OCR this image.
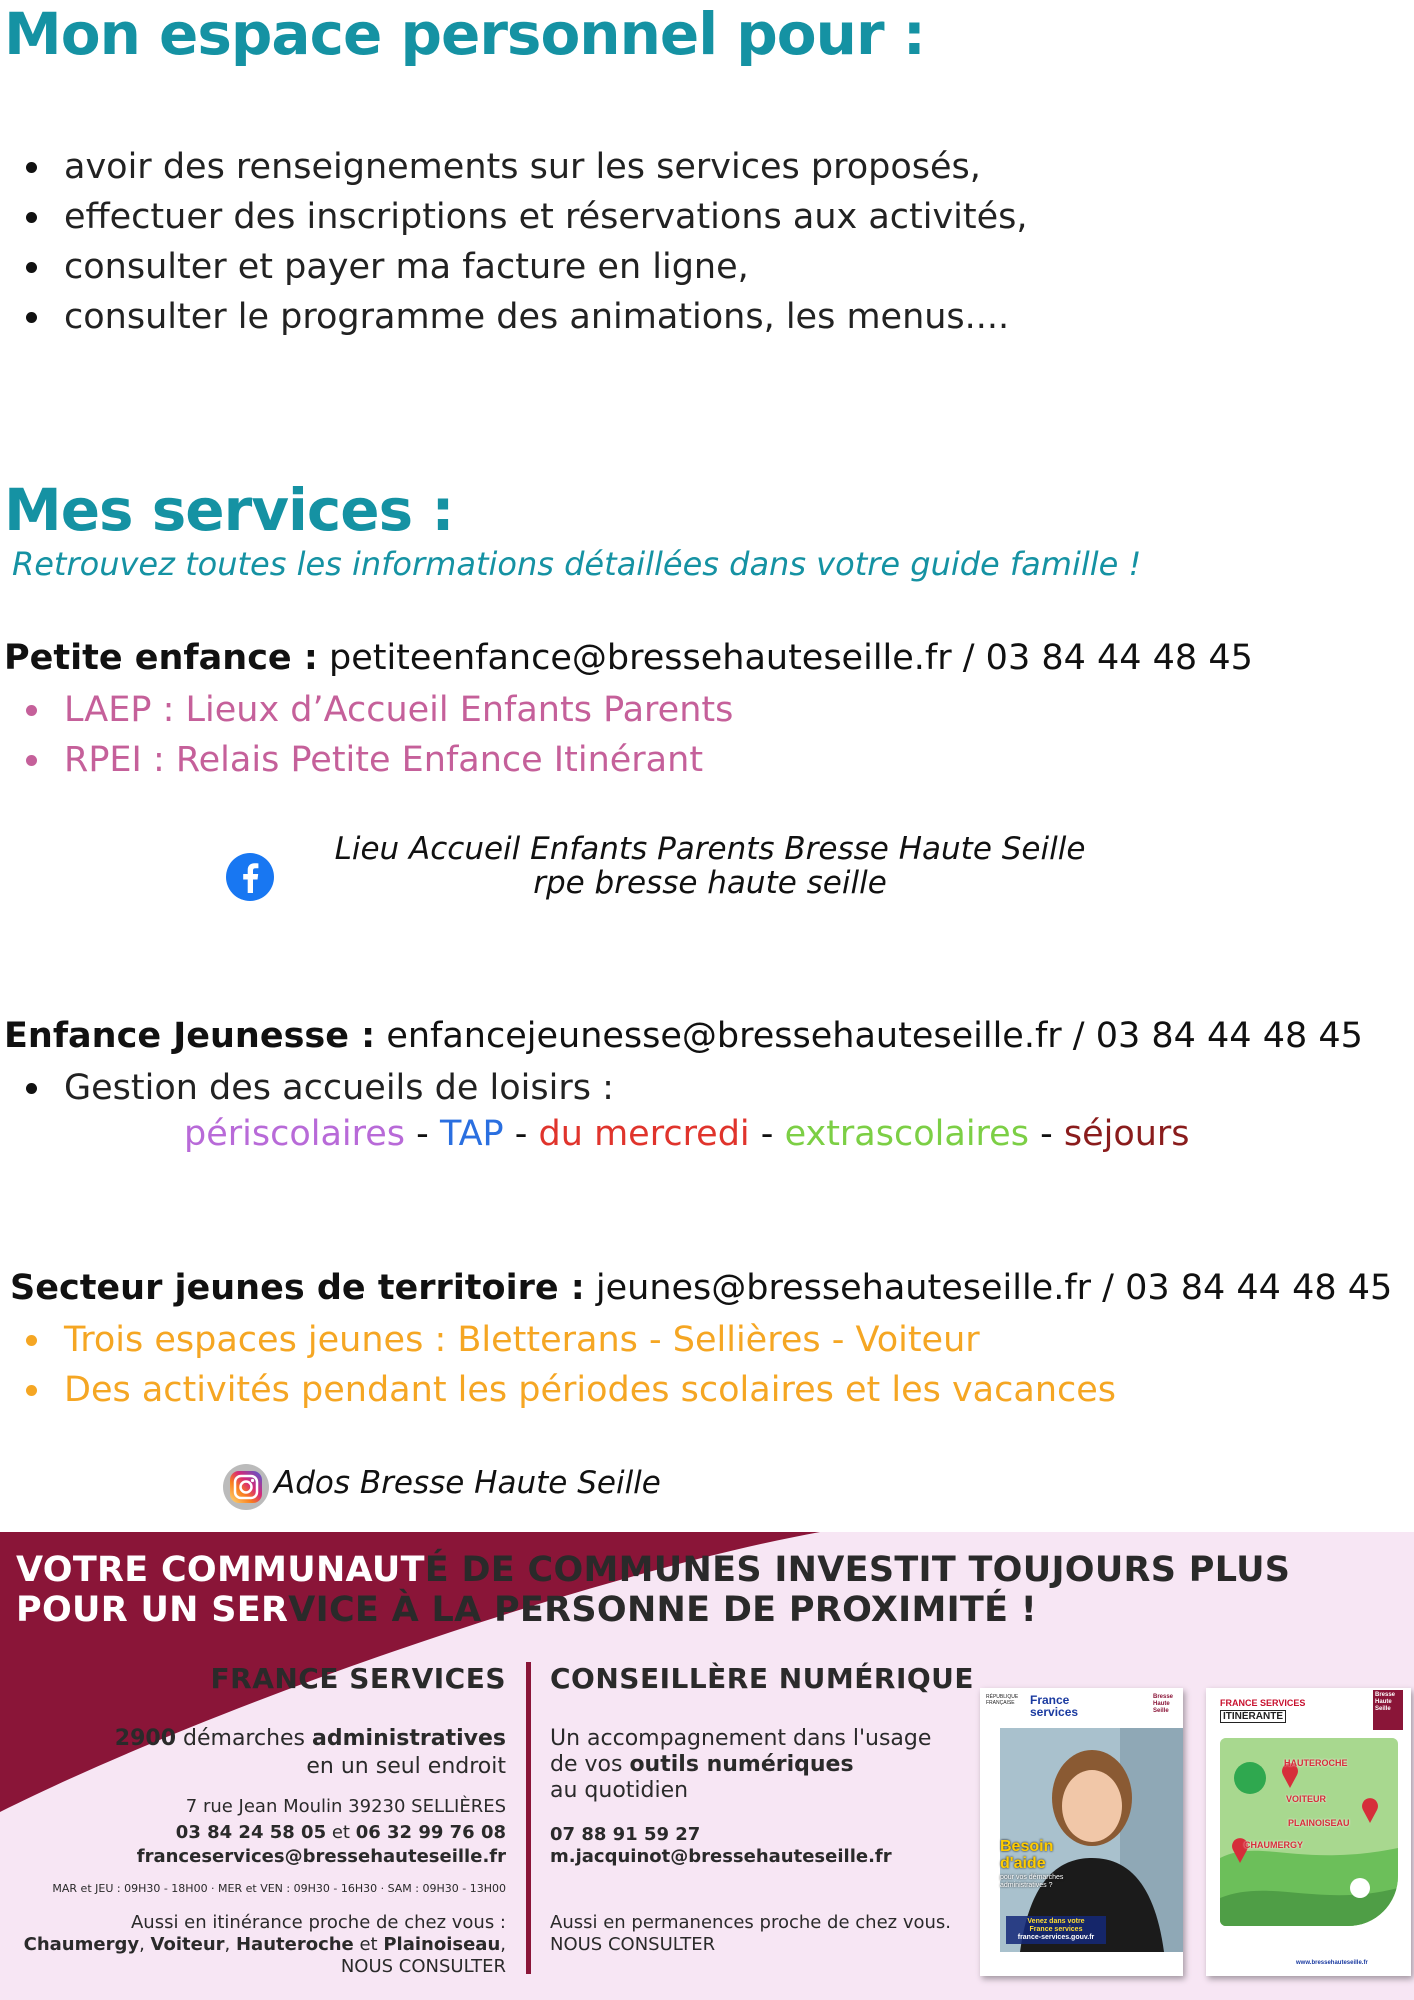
Mon espace personnel pour :
avoir des renseignements sur les services proposés,
effectuer des inscriptions et réservations aux activités,
consulter et payer ma facture en ligne,
consulter le programme des animations, les menus....
Mes services :
Retrouvez toutes les informations détaillées dans votre guide famille !
Petite enfance : petiteenfance@bressehauteseille.fr / 03 84 44 48 45
LAEP : Lieux d’Accueil Enfants Parents
RPEI : Relais Petite Enfance Itinérant
Lieu Accueil Enfants Parents Bresse Haute Seille
rpe bresse haute seille
Enfance Jeunesse : enfancejeunesse@bressehauteseille.fr / 03 84 44 48 45
Gestion des accueils de loisirs :
périscolaires - TAP - du mercredi - extrascolaires - séjours
Secteur jeunes de territoire : jeunes@bressehauteseille.fr / 03 84 44 48 45
Trois espaces jeunes : Bletterans - Sellières - Voiteur
Des activités pendant les périodes scolaires et les vacances
Ados Bresse Haute Seille
VOTRE COMMUNAUTÉ DE COMMUNES INVESTIT TOUJOURS PLUS
POUR UN SERVICE À LA PERSONNE DE PROXIMITÉ !
FRANCE SERVICES
2900 démarches administratives
en un seul endroit
7 rue Jean Moulin 39230 SELLIÈRES
03 84 24 58 05 et 06 32 99 76 08
franceservices@bressehauteseille.fr
MAR et JEU : 09H30 - 18H00 · MER et VEN : 09H30 - 16H30 · SAM : 09H30 - 13H00
Aussi en itinérance proche de chez vous :
Chaumergy, Voiteur, Hauteroche et Plainoiseau,
NOUS CONSULTER
CONSEILLÈRE NUMÉRIQUE
Un accompagnement dans l'usage
de vos outils numériques
au quotidien
07 88 91 59 27
m.jacquinot@bressehauteseille.fr
Aussi en permanences proche de chez vous.
NOUS CONSULTER
RÉPUBLIQUE FRANÇAISE	France
services
Bresse Haute Seille
Besoin
d'aide
pour vos démarches administratives ?
Venez dans votre
France services
france-services.gouv.fr
FRANCE SERVICES
ITINÉRANTE
Bresse Haute Seille
HAUTEROCHE
VOITEUR
PLAINOISEAU
CHAUMERGY
www.bressehauteseille.fr
